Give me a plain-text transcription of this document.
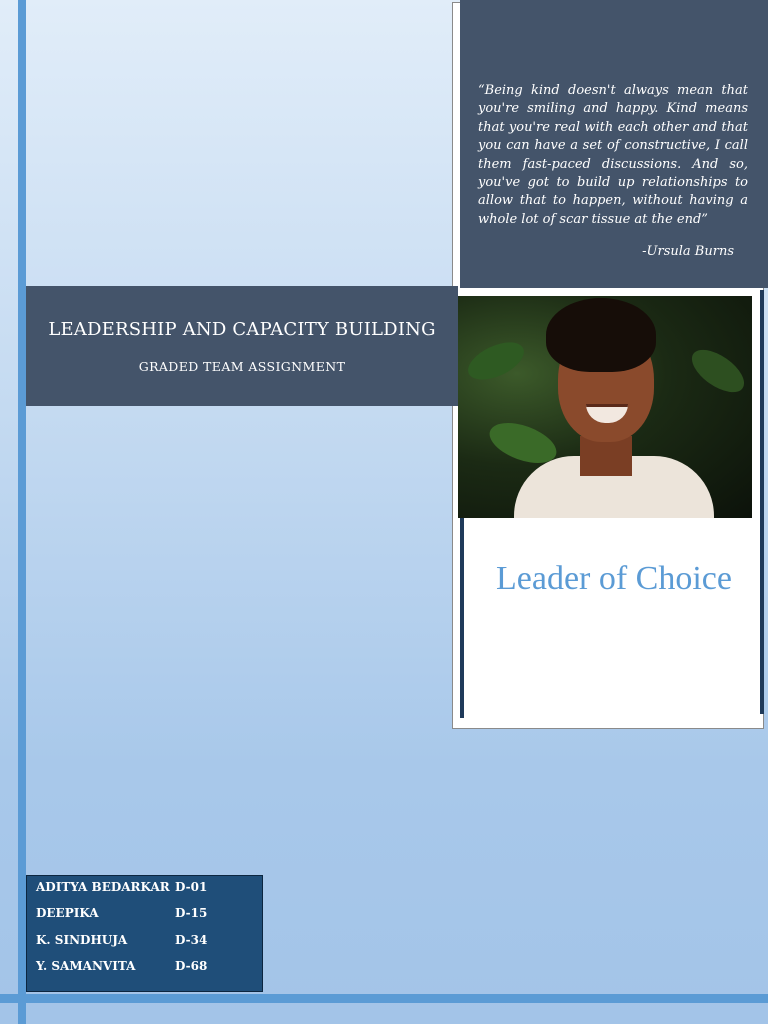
“Being kind doesn't always mean that you're smiling and happy. Kind means that you're real with each other and that you can have a set of constructive, I call them fast-paced discussions. And so, you've got to build up relationships to allow that to happen, without having a whole lot of scar tissue at the end”
-Ursula Burns
LEADERSHIP AND CAPACITY BUILDING
GRADED TEAM ASSIGNMENT
Leader of Choice
ADITYA BEDARKAR D-01
DEEPIKA	D-15
K. SINDHUJA	D-34
Y. SAMANVITA	D-68
